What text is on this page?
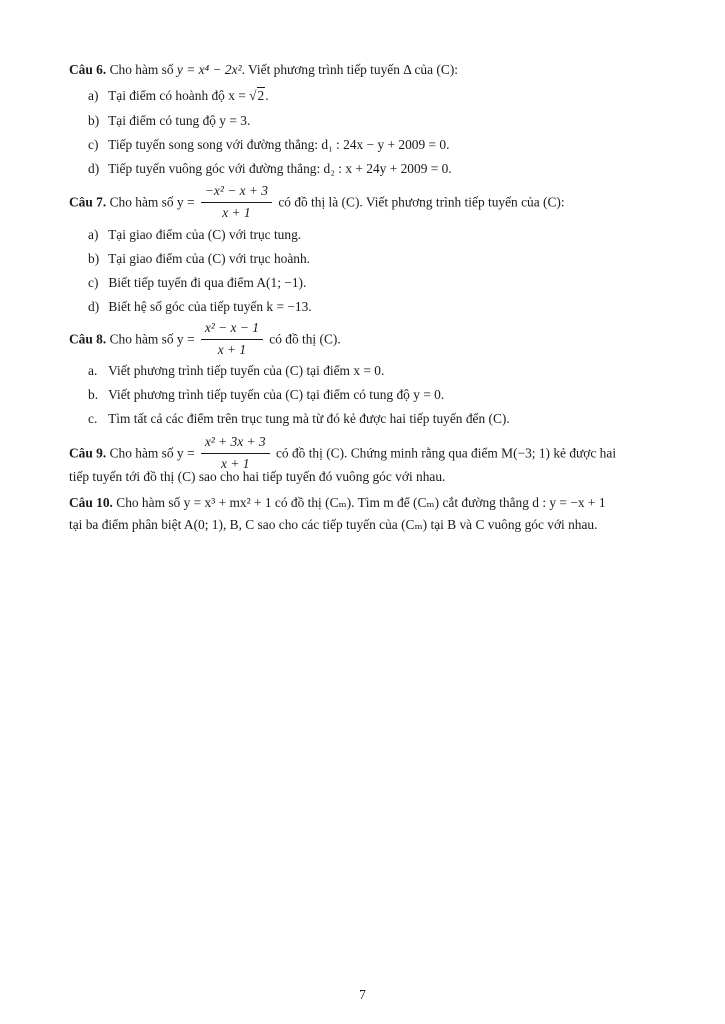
Câu 6. Cho hàm số y = x⁴ − 2x². Viết phương trình tiếp tuyến Δ của (C):
a) Tại điểm có hoành độ x = √2.
b) Tại điểm có tung độ y = 3.
c) Tiếp tuyến song song với đường thẳng: d₁ : 24x − y + 2009 = 0.
d) Tiếp tuyến vuông góc với đường thẳng: d₂ : x + 24y + 2009 = 0.
Câu 7. Cho hàm số $y = \frac{\text{−x² − x + 3}}{x + 1}$ có đồ thị là (C). Viết phương trình tiếp tuyến của (C):
a) Tại giao điểm của (C) với trục tung.
b) Tại giao điểm của (C) với trục hoành.
c) Biết tiếp tuyến đi qua điểm A(1; −1).
d) Biết hệ số góc của tiếp tuyến k = −13.
Câu 8. Cho hàm số $y = \frac{\text{x² − x − 1}}{x + 1}$ có đồ thị (C).
a. Viết phương trình tiếp tuyến của (C) tại điểm x = 0.
b. Viết phương trình tiếp tuyến của (C) tại điểm có tung độ y = 0.
c. Tìm tất cả các điểm trên trục tung mà từ đó kẻ được hai tiếp tuyến đến (C).
Câu 9. Cho hàm số $y = \frac{\text{x² + 3x + 3}}{x + 1}$ có đồ thị (C). Chứng minh rằng qua điểm M(−3; 1) kẻ được hai
tiếp tuyến tới đồ thị (C) sao cho hai tiếp tuyến đó vuông góc với nhau.
Câu 10. Cho hàm số y = x³ + mx² + 1 có đồ thị (Cₘ). Tìm m để (Cₘ) cắt đường thẳng d : y = −x + 1
tại ba điểm phân biệt A(0; 1), B, C sao cho các tiếp tuyến của (Cₘ) tại B và C vuông góc với nhau.
7
